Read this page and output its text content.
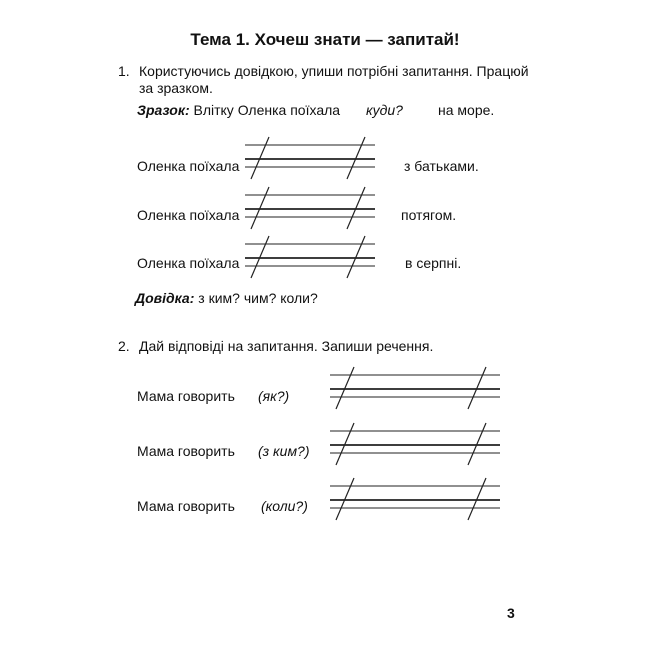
Тема 1. Хочеш знати — запитай!
1. Користуючись довідкою, упиши потрібні запитання. Працюй
за зразком.
Зразок: Влітку Оленка поїхала куди?	на море.
Оленка поїхала	з батьками.
Оленка поїхала	потягом.
Оленка поїхала	в серпні.
Довідка: з ким? чим? коли?
2. Дай відповіді на запитання. Запиши речення.
Мама говорить (як?)
Мама говорить (з ким?)
Мама говорить (коли?)
3
